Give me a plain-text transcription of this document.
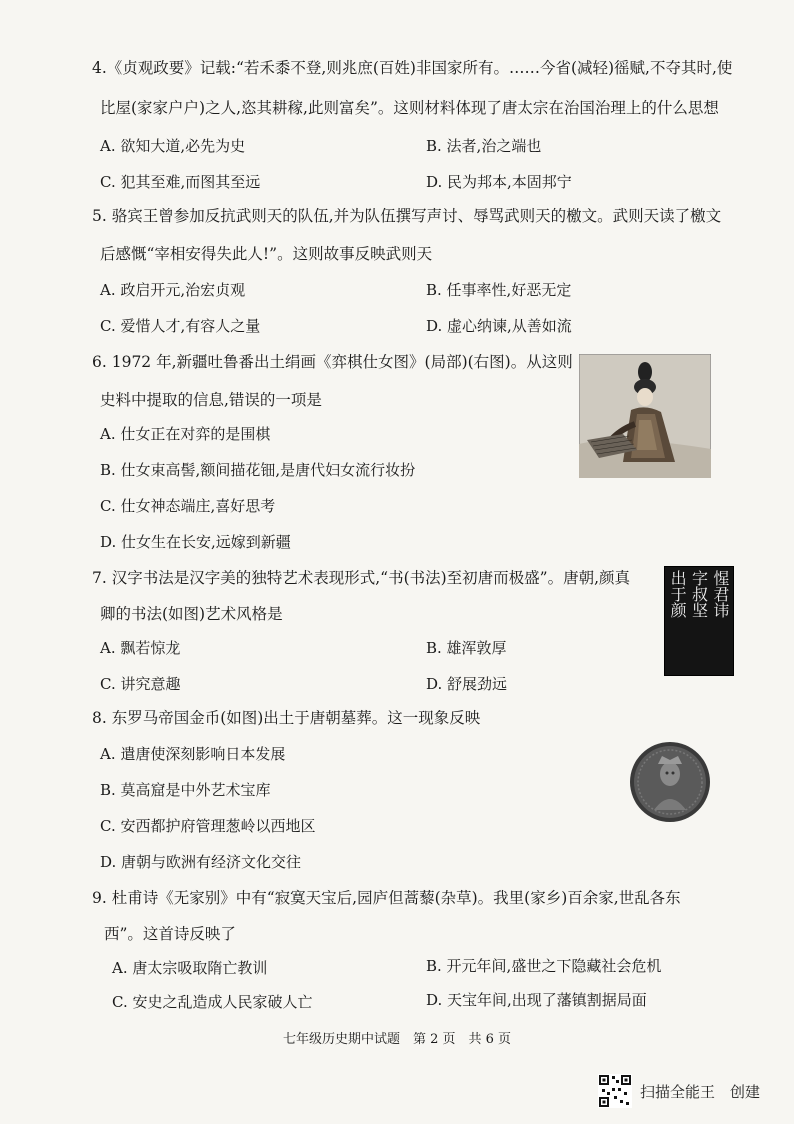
4.《贞观政要》记载:“若禾黍不登,则兆庶(百姓)非国家所有。……今省(减轻)徭赋,不夺其时,使
比屋(家家户户)之人,恣其耕稼,此则富矣”。这则材料体现了唐太宗在治国治理上的什么思想
A. 欲知大道,必先为史	B. 法者,治之端也
C. 犯其至难,而图其至远	D. 民为邦本,本固邦宁
5. 骆宾王曾参加反抗武则天的队伍,并为队伍撰写声讨、辱骂武则天的檄文。武则天读了檄文
后感慨“宰相安得失此人!”。这则故事反映武则天
A. 政启开元,治宏贞观	B. 任事率性,好恶无定
C. 爱惜人才,有容人之量	D. 虚心纳谏,从善如流
6. 1972 年,新疆吐鲁番出土绢画《弈棋仕女图》(局部)(右图)。从这则
史料中提取的信息,错误的一项是
A. 仕女正在对弈的是围棋
B. 仕女束高髻,额间描花钿,是唐代妇女流行妆扮
C. 仕女神态端庄,喜好思考
D. 仕女生在长安,远嫁到新疆
7. 汉字书法是汉字美的独特艺术表现形式,“书(书法)至初唐而极盛”。唐朝,颜真
卿的书法(如图)艺术风格是
A. 飘若惊龙	B. 雄浑敦厚
C. 讲究意趣	D. 舒展劲远
惺君讳
字叔坚
出于颜
8. 东罗马帝国金币(如图)出土于唐朝墓葬。这一现象反映
A. 遣唐使深刻影响日本发展
B. 莫高窟是中外艺术宝库
C. 安西都护府管理葱岭以西地区
D. 唐朝与欧洲有经济文化交往
9. 杜甫诗《无家别》中有“寂寞天宝后,园庐但蒿藜(杂草)。我里(家乡)百余家,世乱各东
西”。这首诗反映了
A. 唐太宗吸取隋亡教训	B. 开元年间,盛世之下隐藏社会危机
C. 安史之乱造成人民家破人亡	D. 天宝年间,出现了藩镇割据局面
七年级历史期中试题　第 2 页　共 6 页
扫描全能王　创建
